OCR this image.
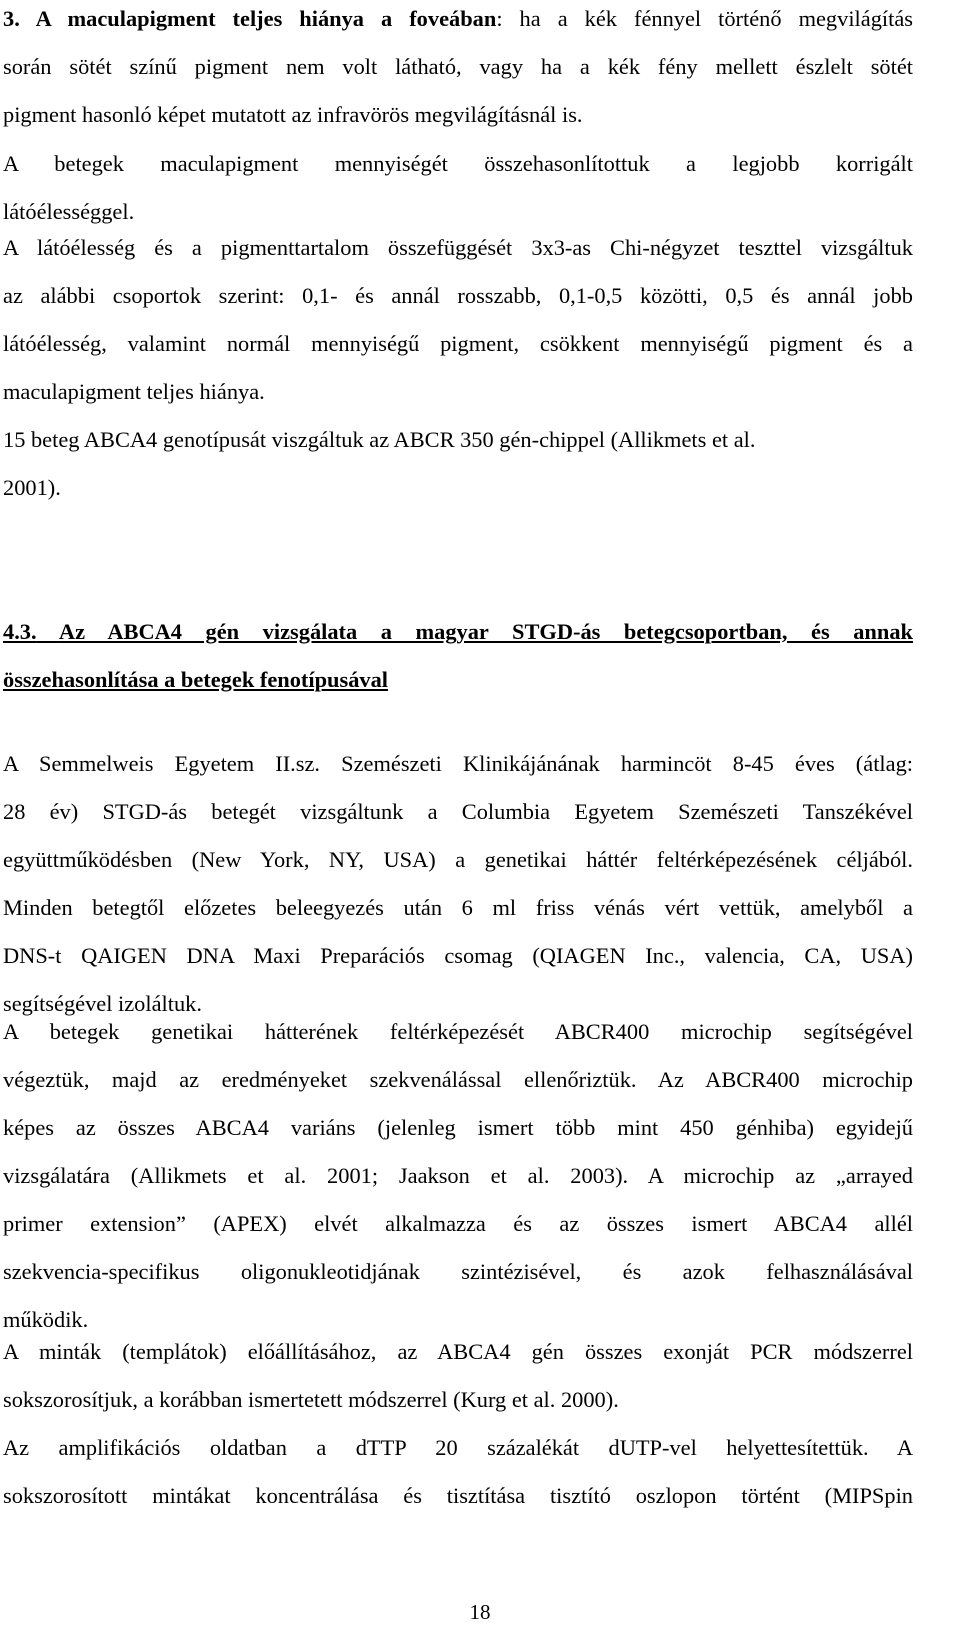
3. A maculapigment teljes hiánya a foveában: ha a kék fénnyel történő megvilágítás
során sötét színű pigment nem volt látható, vagy ha a kék fény mellett észlelt sötét
pigment hasonló képet mutatott az infravörös megvilágításnál is.
A betegek maculapigment mennyiségét összehasonlítottuk a legjobb korrigált
látóélességgel.
A látóélesség és a pigmenttartalom összefüggését 3x3-as Chi-négyzet teszttel vizsgáltuk
az alábbi csoportok szerint: 0,1- és annál rosszabb, 0,1-0,5 közötti, 0,5 és annál jobb
látóélesség, valamint normál mennyiségű pigment, csökkent mennyiségű pigment és a
maculapigment teljes hiánya.
15 beteg ABCA4 genotípusát viszgáltuk az ABCR 350 gén-chippel (Allikmets et al.
2001).
4.3. Az ABCA4 gén vizsgálata a magyar STGD-ás betegcsoportban, és annak
összehasonlítása a betegek fenotípusával
A Semmelweis Egyetem II.sz. Szemészeti Klinikájánának harmincöt 8-45 éves (átlag:
28 év) STGD-ás betegét vizsgáltunk a Columbia Egyetem Szemészeti Tanszékével
együttműködésben (New York, NY, USA) a genetikai háttér feltérképezésének céljából.
Minden betegtől előzetes beleegyezés után 6 ml friss vénás vért vettük, amelyből a
DNS-t QAIGEN DNA Maxi Preparációs csomag (QIAGEN Inc., valencia, CA, USA)
segítségével izoláltuk.
A betegek genetikai hátterének feltérképezését ABCR400 microchip segítségével
végeztük, majd az eredményeket szekvenálással ellenőriztük. Az ABCR400 microchip
képes az összes ABCA4 variáns (jelenleg ismert több mint 450 génhiba) egyidejű
vizsgálatára (Allikmets et al. 2001; Jaakson et al. 2003). A microchip az „arrayed
primer extension” (APEX) elvét alkalmazza és az összes ismert ABCA4 allél
szekvencia-specifikus oligonukleotidjának szintézisével, és azok felhasználásával
működik.
A minták (templátok) előállításához, az ABCA4 gén összes exonját PCR módszerrel
sokszorosítjuk, a korábban ismertetett módszerrel (Kurg et al. 2000).
Az amplifikációs oldatban a dTTP 20 százalékát dUTP-vel helyettesítettük. A
sokszorosított mintákat koncentrálása és tisztítása tisztító oszlopon történt (MIPSpin
18
